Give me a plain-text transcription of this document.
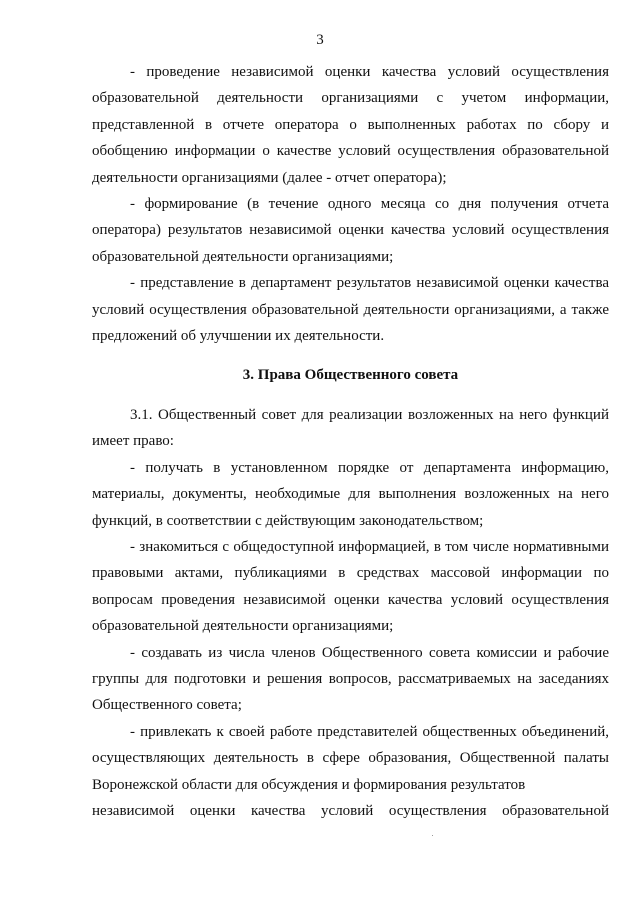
3

- проведение независимой оценки качества условий осуществления образовательной деятельности организациями с учетом информации, представленной в отчете оператора о выполненных работах по сбору и обобщению информации о качестве условий осуществления образовательной деятельности организациями (далее - отчет оператора);

- формирование (в течение одного месяца со дня получения отчета оператора) результатов независимой оценки качества условий осуществления образовательной деятельности организациями;

- представление в департамент результатов независимой оценки качества условий осуществления образовательной деятельности организациями, а также предложений об улучшении их деятельности.

3. Права Общественного совета

3.1. Общественный совет для реализации возложенных на него функций имеет право:

- получать в установленном порядке от департамента информацию, материалы, документы, необходимые для выполнения возложенных на него функций, в соответствии с действующим законодательством;

- знакомиться с общедоступной информацией, в том числе нормативными правовыми актами, публикациями в средствах массовой информации по вопросам проведения независимой оценки качества условий осуществления образовательной деятельности организациями;

- создавать из числа членов Общественного совета комиссии и рабочие группы для подготовки и решения вопросов, рассматриваемых на заседаниях Общественного совета;

- привлекать к своей работе представителей общественных объединений, осуществляющих деятельность в сфере образования, Общественной палаты Воронежской области для обсуждения и формирования результатов

независимой оценки качества условий осуществления образовательной
